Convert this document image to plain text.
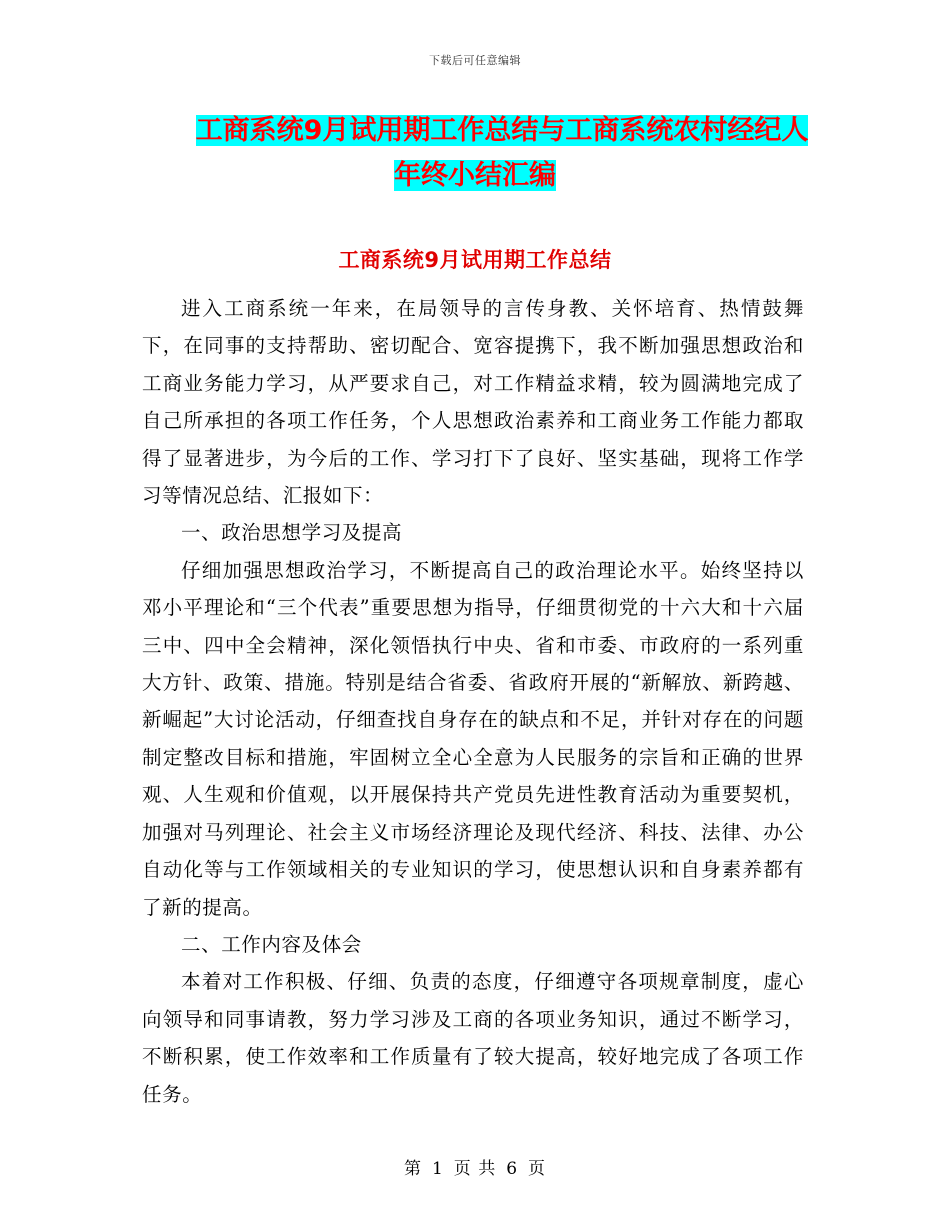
下载后可任意编辑
工商系统9月试用期工作总结与工商系统农村经纪人
年终小结汇编
工商系统9月试用期工作总结

进入工商系统一年来，在局领导的言传身教、关怀培育、热情鼓舞下，在同事的支持帮助、密切配合、宽容提携下，我不断加强思想政治和工商业务能力学习，从严要求自己，对工作精益求精，较为圆满地完成了自己所承担的各项工作任务，个人思想政治素养和工商业务工作能力都取得了显著进步，为今后的工作、学习打下了良好、坚实基础，现将工作学习等情况总结、汇报如下：

一、政治思想学习及提高

仔细加强思想政治学习，不断提高自己的政治理论水平。始终坚持以邓小平理论和“三个代表”重要思想为指导，仔细贯彻党的十六大和十六届三中、四中全会精神，深化领悟执行中央、省和市委、市政府的一系列重大方针、政策、措施。特别是结合省委、省政府开展的“新解放、新跨越、新崛起”大讨论活动，仔细查找自身存在的缺点和不足，并针对存在的问题制定整改目标和措施，牢固树立全心全意为人民服务的宗旨和正确的世界观、人生观和价值观，以开展保持共产党员先进性教育活动为重要契机，加强对马列理论、社会主义市场经济理论及现代经济、科技、法律、办公自动化等与工作领域相关的专业知识的学习，使思想认识和自身素养都有了新的提高。

二、工作内容及体会

本着对工作积极、仔细、负责的态度，仔细遵守各项规章制度，虚心向领导和同事请教，努力学习涉及工商的各项业务知识，通过不断学习，不断积累，使工作效率和工作质量有了较大提高，较好地完成了各项工作任务。

第 1 页 共 6 页
